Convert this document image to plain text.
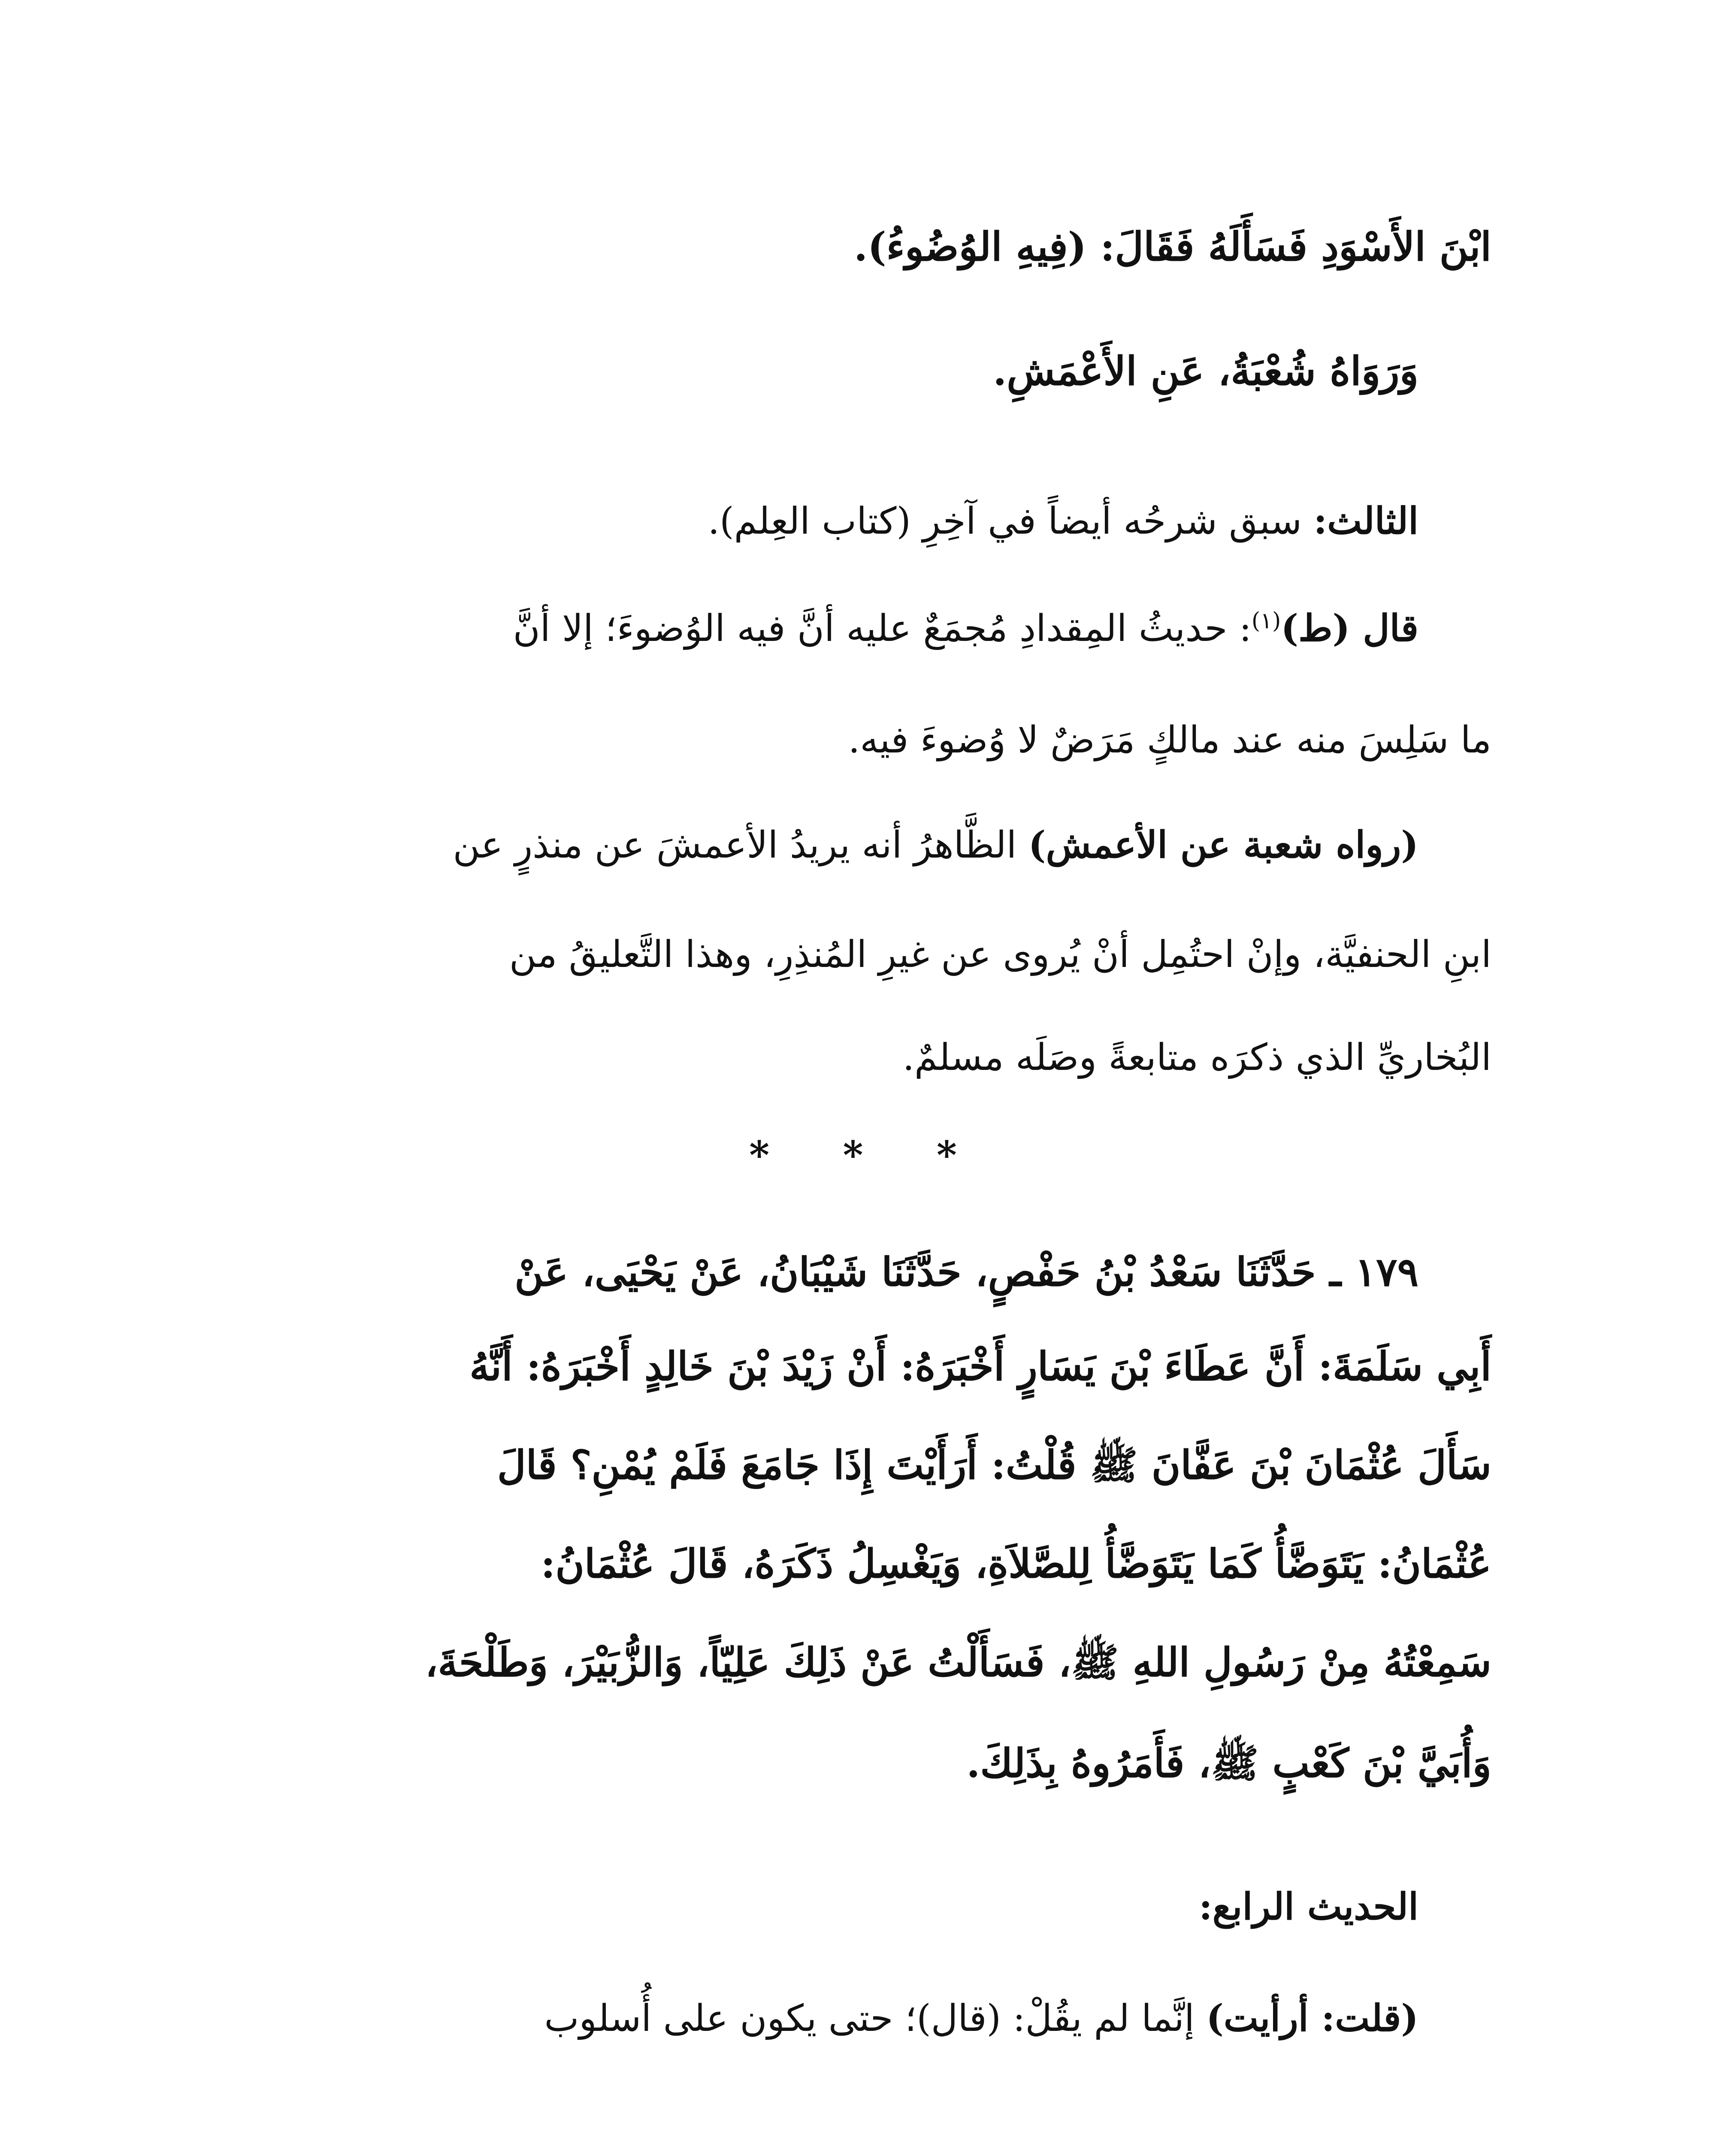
ابْنَ الأَسْوَدِ فَسَأَلَهُ فَقَالَ: (فِيهِ الوُضُوءُ).
وَرَوَاهُ شُعْبَةُ، عَنِ الأَعْمَشِ.
الثالث: سبق شرحُه أيضاً في آخِرِ (كتاب العِلم).
قال (ط)$^{(١)}$: حديثُ المِقدادِ مُجمَعٌ عليه أنَّ فيه الوُضوءَ؛ إلا أنَّ
ما سَلِسَ منه عند مالكٍ مَرَضٌ لا وُضوءَ فيه.
(رواه شعبة عن الأعمش) الظَّاهرُ أنه يريدُ الأعمشَ عن منذرٍ عن
ابنِ الحنفيَّة، وإنْ احتُمِل أنْ يُروى عن غيرِ المُنذِرِ، وهذا التَّعليقُ من
البُخاريِّ الذي ذكرَه متابعةً وصَلَه مسلمٌ.
* * *
١٧٩ ـ حَدَّثَنَا سَعْدُ بْنُ حَفْصٍ، حَدَّثَنَا شَيْبَانُ، عَنْ يَحْيَى، عَنْ
أَبِي سَلَمَةَ: أَنَّ عَطَاءَ بْنَ يَسَارٍ أَخْبَرَهُ: أَنْ زَيْدَ بْنَ خَالِدٍ أَخْبَرَهُ: أَنَّهُ
سَأَلَ عُثْمَانَ بْنَ عَفَّانَ ﷺ قُلْتُ: أَرَأَيْتَ إِذَا جَامَعَ فَلَمْ يُمْنِ؟ قَالَ
عُثْمَانُ: يَتَوَضَّأُ كَمَا يَتَوَضَّأُ لِلصَّلاَةِ، وَيَغْسِلُ ذَكَرَهُ، قَالَ عُثْمَانُ:
سَمِعْتُهُ مِنْ رَسُولِ اللهِ ﷺ، فَسَأَلْتُ عَنْ ذَلِكَ عَلِيّاً، وَالزُّبَيْرَ، وَطَلْحَةَ،
وَأُبَيَّ بْنَ كَعْبٍ ﷺ، فَأَمَرُوهُ بِذَلِكَ.
الحديث الرابع:
(قلت: أرأيت) إنَّما لم يقُلْ: (قال)؛ حتى يكون على أُسلوب
